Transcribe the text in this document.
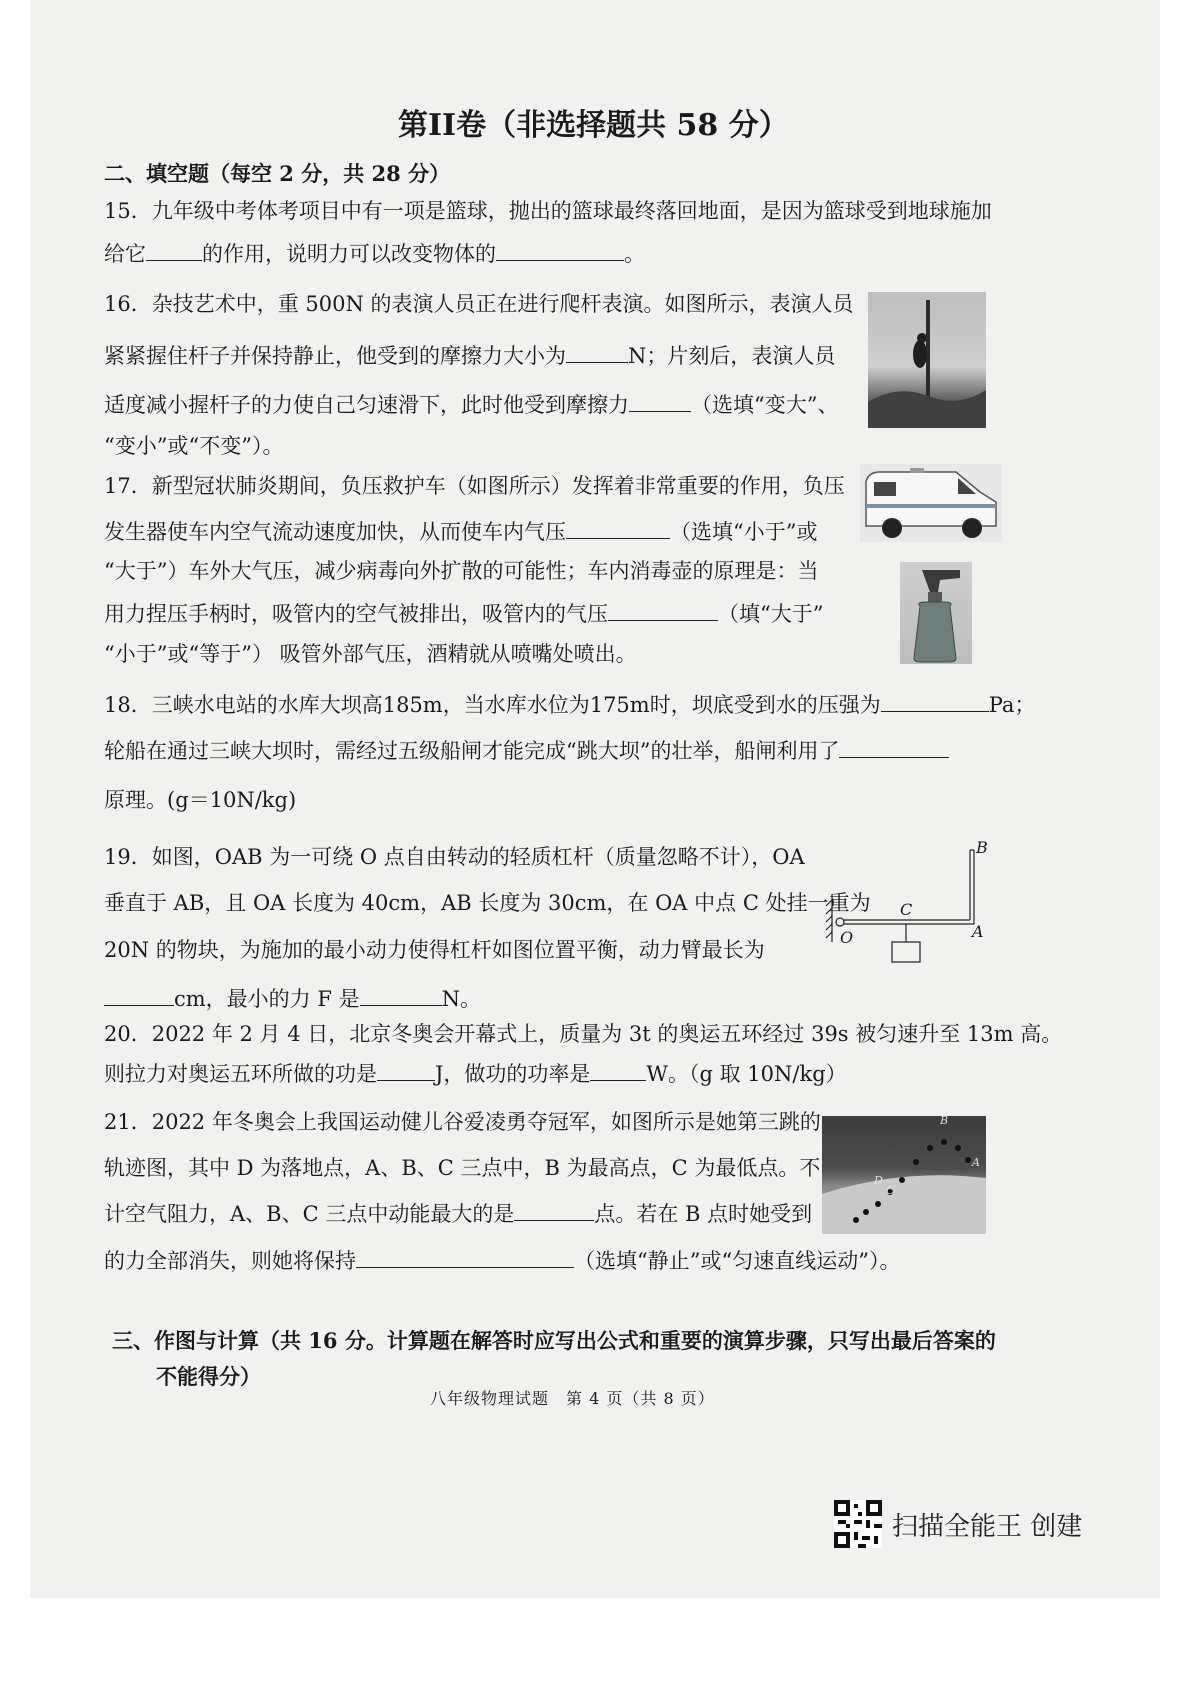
第II卷（非选择题共 58 分）
二、填空题（每空 2 分，共 28 分）
15．九年级中考体考项目中有一项是篮球，抛出的篮球最终落回地面，是因为篮球受到地球施加
给它	的作用，说明力可以改变物体的	。
16．杂技艺术中，重 500N 的表演人员正在进行爬杆表演。如图所示，表演人员
紧紧握住杆子并保持静止，他受到的摩擦力大小为	N；片刻后，表演人员
适度减小握杆子的力使自己匀速滑下，此时他受到摩擦力	（选填“变大”、
“变小”或“不变”）。
17．新型冠状肺炎期间，负压救护车（如图所示）发挥着非常重要的作用，负压
发生器使车内空气流动速度加快，从而使车内气压	（选填“小于”或
“大于”）车外大气压，减少病毒向外扩散的可能性；车内消毒壶的原理是：当
用力捏压手柄时，吸管内的空气被排出，吸管内的气压	（填“大于”
“小于”或“等于”） 吸管外部气压，酒精就从喷嘴处喷出。
18．三峡水电站的水库大坝高185m，当水库水位为175m时，坝底受到水的压强为	Pa；
轮船在通过三峡大坝时，需经过五级船闸才能完成“跳大坝”的壮举，船闸利用了
原理。(g＝10N/kg)
19．如图，OAB 为一可绕 O 点自由转动的轻质杠杆（质量忽略不计），OA
垂直于 AB，且 OA 长度为 40cm，AB 长度为 30cm，在 OA 中点 C 处挂一重为
20N 的物块，为施加的最小动力使得杠杆如图位置平衡，动力臂最长为
cm，最小的力 F 是	N。
B
C
O	A
20．2022 年 2 月 4 日，北京冬奥会开幕式上，质量为 3t 的奥运五环经过 39s 被匀速升至 13m 高。
则拉力对奥运五环所做的功是	J，做功的功率是	W。（g 取 10N/kg）
21．2022 年冬奥会上我国运动健儿谷爱凌勇夺冠军，如图所示是她第三跳的
轨迹图，其中 D 为落地点，A、B、C 三点中，B 为最高点，C 为最低点。不
计空气阻力，A、B、C 三点中动能最大的是	点。若在 B 点时她受到
的力全部消失，则她将保持	（选填“静止”或“匀速直线运动”）。
B
A
D
C
三、作图与计算（共 16 分。计算题在解答时应写出公式和重要的演算步骤，只写出最后答案的
不能得分）
八年级物理试题　第 4 页（共 8 页）
扫描全能王 创建
